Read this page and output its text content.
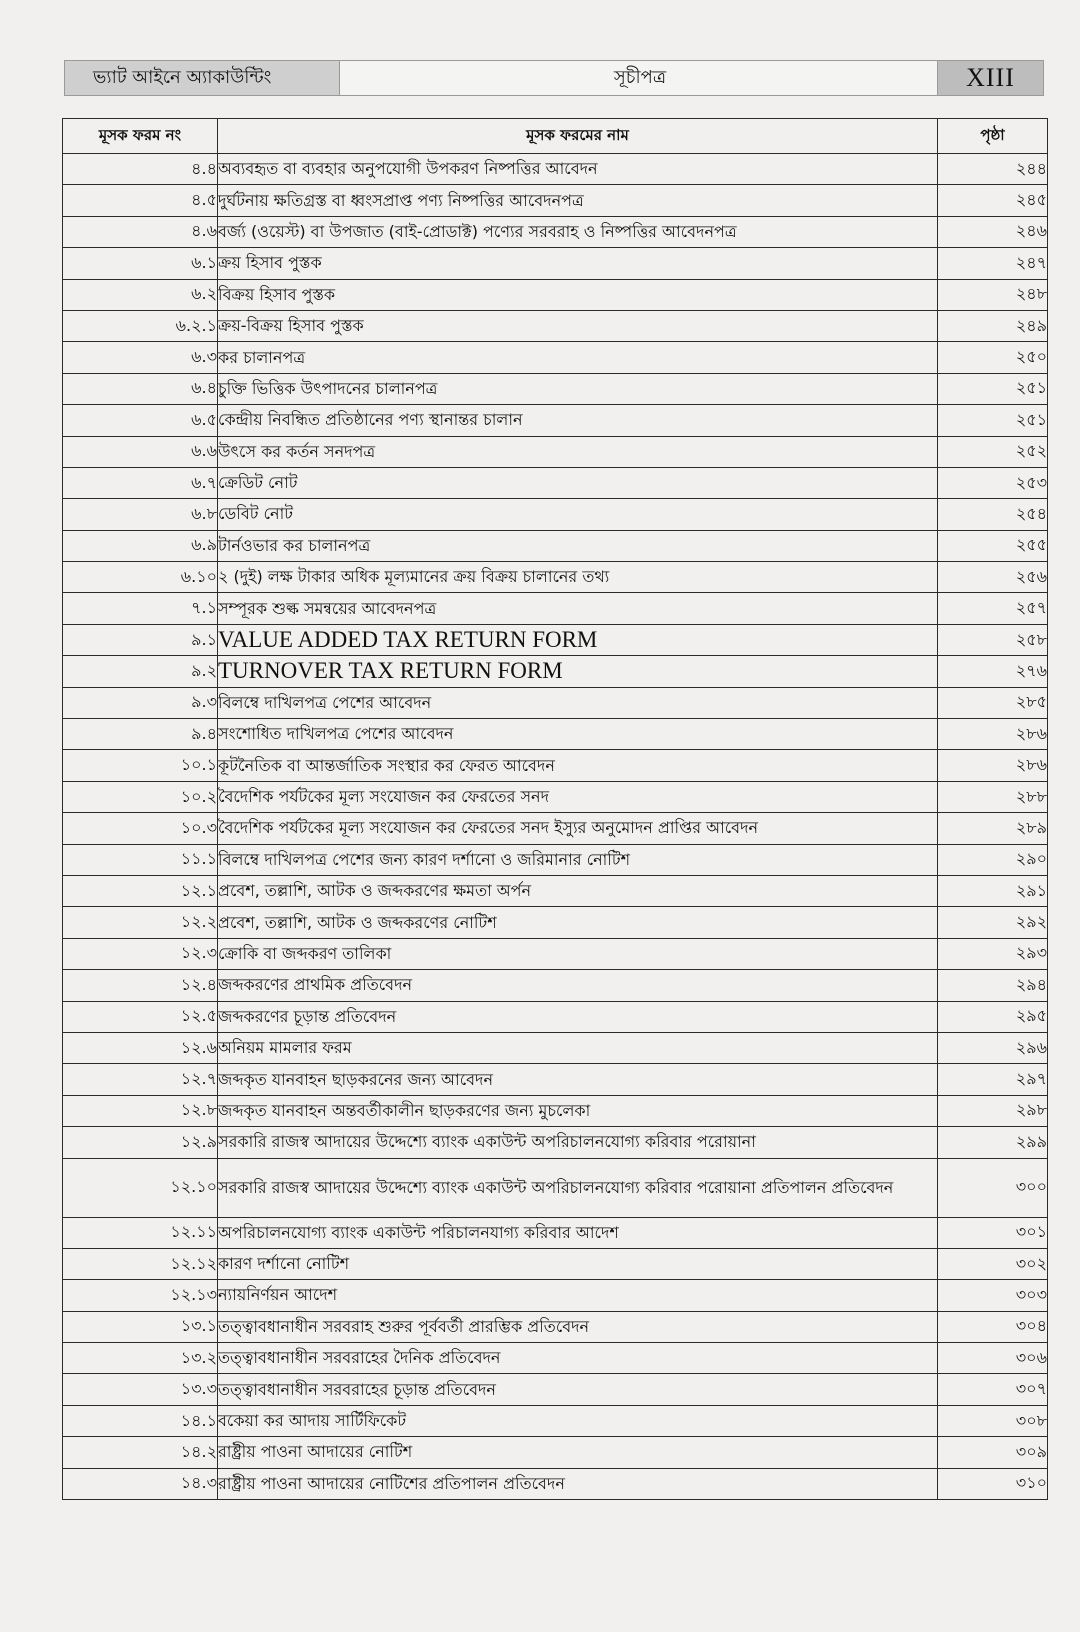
ভ্যাট আইনে অ্যাকাউন্টিং	সূচীপত্র	XIII
মূসক ফরম নং	মূসক ফরমের নাম	পৃষ্ঠা
৪.৪	অব্যবহৃত বা ব্যবহার অনুপযোগী উপকরণ নিষ্পত্তির আবেদন	২৪৪
৪.৫	দুর্ঘটনায় ক্ষতিগ্রস্ত বা ধ্বংসপ্রাপ্ত পণ্য নিষ্পত্তির আবেদনপত্র	২৪৫
৪.৬	বর্জ্য (ওয়েস্ট) বা উপজাত (বাই-প্রোডাক্ট) পণ্যের সরবরাহ ও নিষ্পত্তির আবেদনপত্র	২৪৬
৬.১	ক্রয় হিসাব পুস্তক	২৪৭
৬.২	বিক্রয় হিসাব পুস্তক	২৪৮
৬.২.১	ক্রয়-বিক্রয় হিসাব পুস্তক	২৪৯
৬.৩	কর চালানপত্র	২৫০
৬.৪	চুক্তি ভিত্তিক উৎপাদনের চালানপত্র	২৫১
৬.৫	কেন্দ্রীয় নিবন্ধিত প্রতিষ্ঠানের পণ্য স্থানান্তর চালান	২৫১
৬.৬	উৎসে কর কর্তন সনদপত্র	২৫২
৬.৭	ক্রেডিট নোট	২৫৩
৬.৮	ডেবিট নোট	২৫৪
৬.৯	টার্নওভার কর চালানপত্র	২৫৫
৬.১০	২ (দুই) লক্ষ টাকার অধিক মূল্যমানের ক্রয় বিক্রয় চালানের তথ্য	২৫৬
৭.১	সম্পূরক শুল্ক সমন্বয়ের আবেদনপত্র	২৫৭
৯.১	VALUE ADDED TAX RETURN FORM	২৫৮
৯.২	TURNOVER TAX RETURN FORM	২৭৬
৯.৩	বিলম্বে দাখিলপত্র পেশের আবেদন	২৮৫
৯.৪	সংশোধিত দাখিলপত্র পেশের আবেদন	২৮৬
১০.১	কূটনৈতিক বা আন্তর্জাতিক সংস্থার কর ফেরত আবেদন	২৮৬
১০.২	বৈদেশিক পর্যটকের মূল্য সংযোজন কর ফেরতের সনদ	২৮৮
১০.৩	বৈদেশিক পর্যটকের মূল্য সংযোজন কর ফেরতের সনদ ইস্যুর অনুমোদন প্রাপ্তির আবেদন	২৮৯
১১.১	বিলম্বে দাখিলপত্র পেশের জন্য কারণ দর্শানো ও জরিমানার নোটিশ	২৯০
১২.১	প্রবেশ, তল্লাশি, আটক ও জব্দকরণের ক্ষমতা অর্পন	২৯১
১২.২	প্রবেশ, তল্লাশি, আটক ও জব্দকরণের নোটিশ	২৯২
১২.৩	ক্রোকি বা জব্দকরণ তালিকা	২৯৩
১২.৪	জব্দকরণের প্রাথমিক প্রতিবেদন	২৯৪
১২.৫	জব্দকরণের চূড়ান্ত প্রতিবেদন	২৯৫
১২.৬	অনিয়ম মামলার ফরম	২৯৬
১২.৭	জব্দকৃত যানবাহন ছাড়করনের জন্য আবেদন	২৯৭
১২.৮	জব্দকৃত যানবাহন অন্তবর্তীকালীন ছাড়করণের জন্য মুচলেকা	২৯৮
১২.৯	সরকারি রাজস্ব আদায়ের উদ্দেশ্যে ব্যাংক একাউন্ট অপরিচালনযোগ্য করিবার পরোয়ানা	২৯৯
১২.১০	সরকারি রাজস্ব আদায়ের উদ্দেশ্যে ব্যাংক একাউন্ট অপরিচালনযোগ্য করিবার পরোয়ানা প্রতিপালন প্রতিবেদন	৩০০
১২.১১	অপরিচালনযোগ্য ব্যাংক একাউন্ট পরিচালনযাগ্য করিবার আদেশ	৩০১
১২.১২	কারণ দর্শানো নোটিশ	৩০২
১২.১৩	ন্যায়নির্ণয়ন আদেশ	৩০৩
১৩.১	তত্ত্বাবধানাধীন সরবরাহ শুরুর পূর্ববর্তী প্রারম্ভিক প্রতিবেদন	৩০৪
১৩.২	তত্ত্বাবধানাধীন সরবরাহের দৈনিক প্রতিবেদন	৩০৬
১৩.৩	তত্ত্বাবধানাধীন সরবরাহের চূড়ান্ত প্রতিবেদন	৩০৭
১৪.১	বকেয়া কর আদায় সার্টিফিকেট	৩০৮
১৪.২	রাষ্ট্রীয় পাওনা আদায়ের নোটিশ	৩০৯
১৪.৩	রাষ্ট্রীয় পাওনা আদায়ের নোটিশের প্রতিপালন প্রতিবেদন	৩১০
